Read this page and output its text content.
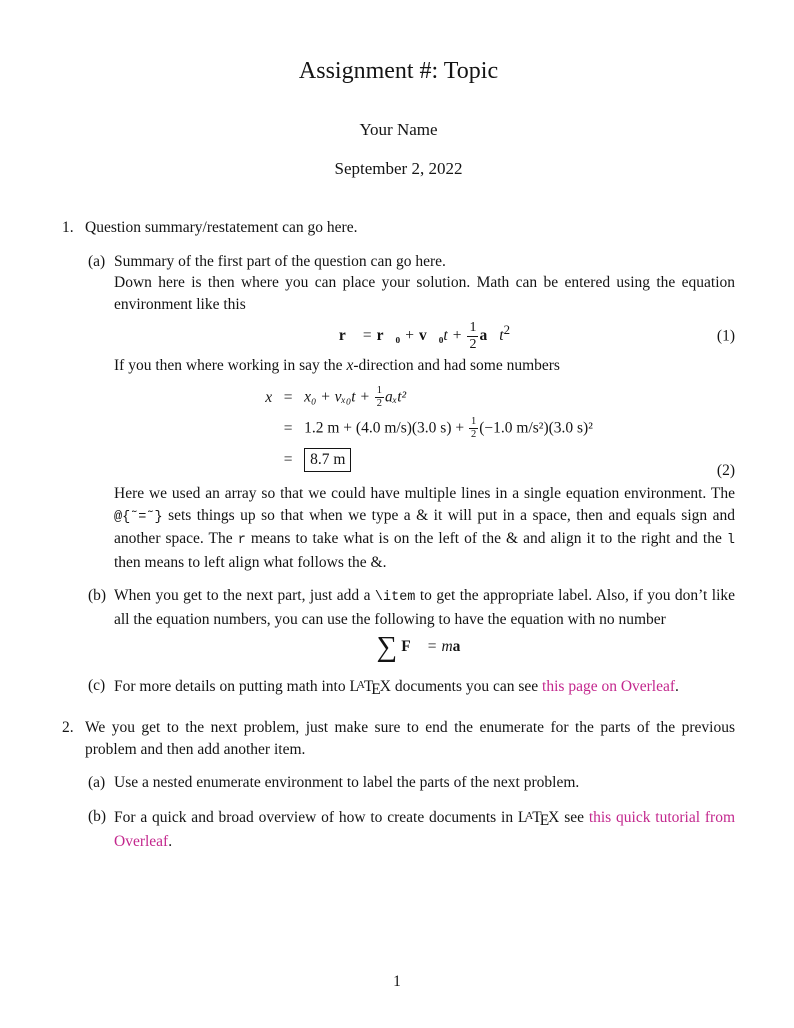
Assignment #: Topic
Your Name
September 2, 2022
1. Question summary/restatement can go here.
(a) Summary of the first part of the question can go here.
Down here is then where you can place your solution. Math can be entered using the equation environment like this
r⃗ = r⃗₀ + v⃗₀t + $\frac{1}{2}$ $a⃗t^2$	(1)
If you then where working in say the x-direction and had some numbers
$x = x_0 + v_{x0}t + \frac{1}{2} a_xt^2$
= 1.2 m + (4.0 m/s)(3.0 $s) + \frac{1}{2} (-1.0$ m/s²)(3.0 s)²
=	8.7 m
(2)
Here we used an array so that we could have multiple lines in a single equation environment. The @{˜=˜} sets things up so that when we type a & it will put in a space, then and equals sign and another space. The r means to take what is on the left of the & and align it to the right and the l then means to left align what follows the &.
(b) When you get to the next part, just add a \item to get the appropriate label. Also, if you don’t like all the equation numbers, you can use the following to have the equation with no number
∑ F⃗ = ma⃗
(c) For more details on putting math into LATEX documents you can see this page on Overleaf.
2. We you get to the next problem, just make sure to end the enumerate for the parts of the previous problem and then add another item.
(a) Use a nested enumerate environment to label the parts of the next problem.
(b) For a quick and broad overview of how to create documents in LATEX see this quick tutorial from Overleaf.
1
